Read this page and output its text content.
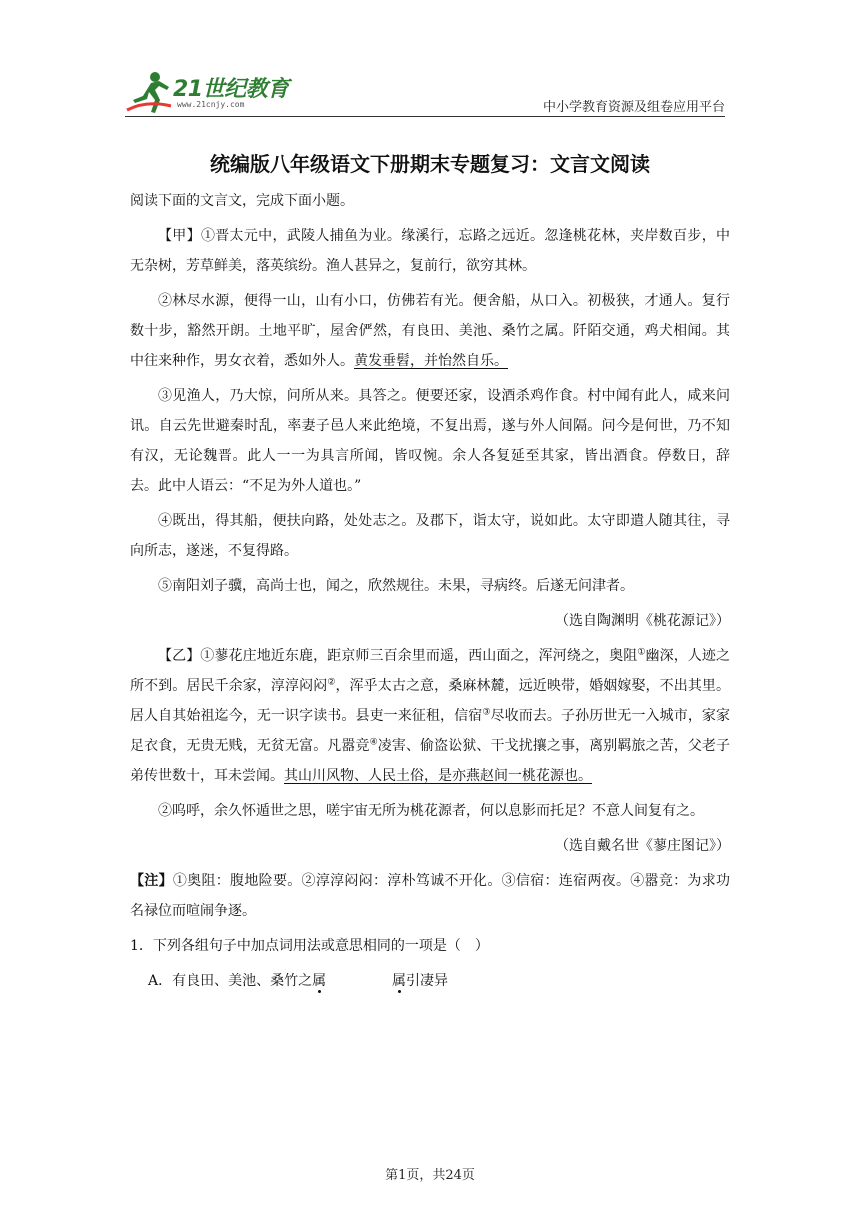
21世纪教育
www.21cnjy.com	中小学教育资源及组卷应用平台
统编版八年级语文下册期末专题复习：文言文阅读

阅读下面的文言文，完成下面小题。

【甲】①晋太元中，武陵人捕鱼为业。缘溪行，忘路之远近。忽逢桃花林，夹岸数百步，中无杂树，芳草鲜美，落英缤纷。渔人甚异之，复前行，欲穷其林。

②林尽水源，便得一山，山有小口，仿佛若有光。便舍船，从口入。初极狭，才通人。复行数十步，豁然开朗。土地平旷，屋舍俨然，有良田、美池、桑竹之属。阡陌交通，鸡犬相闻。其中往来种作，男女衣着，悉如外人。黄发垂髫，并怡然自乐。

③见渔人，乃大惊，问所从来。具答之。便要还家，设酒杀鸡作食。村中闻有此人，咸来问讯。自云先世避秦时乱，率妻子邑人来此绝境，不复出焉，遂与外人间隔。问今是何世，乃不知有汉，无论魏晋。此人一一为具言所闻，皆叹惋。余人各复延至其家，皆出酒食。停数日，辞去。此中人语云：“不足为外人道也。”

④既出，得其船，便扶向路，处处志之。及郡下，诣太守，说如此。太守即遣人随其往，寻向所志，遂迷，不复得路。

⑤南阳刘子骥，高尚士也，闻之，欣然规往。未果，寻病终。后遂无问津者。

（选自陶渊明《桃花源记》）

【乙】①蓼花庄地近东鹿，距京师三百余里而遥，西山面之，浑河绕之，奥阻①幽深，人迹之所不到。居民千余家，淳淳闷闷②，浑乎太古之意，桑麻林麓，远近映带，婚姻嫁娶，不出其里。居人自其始祖迄今，无一识字读书。县吏一来征租，信宿③尽收而去。子孙历世无一入城市，家家足衣食，无贵无贱，无贫无富。凡嚣竞④凌害、偷盗讼狱、干戈扰攘之事，离别羁旅之苦，父老子弟传世数十，耳未尝闻。其山川风物、人民土俗，是亦燕赵间一桃花源也。

②呜呼，余久怀遁世之思，嗟宇宙无所为桃花源者，何以息影而托足？不意人间复有之。

（选自戴名世《蓼庄图记》）

【注】①奥阻：腹地险要。②淳淳闷闷：淳朴笃诚不开化。③信宿：连宿两夜。④嚣竞：为求功名禄位而喧闹争逐。

1．下列各组句子中加点词用法或意思相同的一项是（　）

A．有良田、美池、桑竹之属	属引凄异
第1页，共24页
